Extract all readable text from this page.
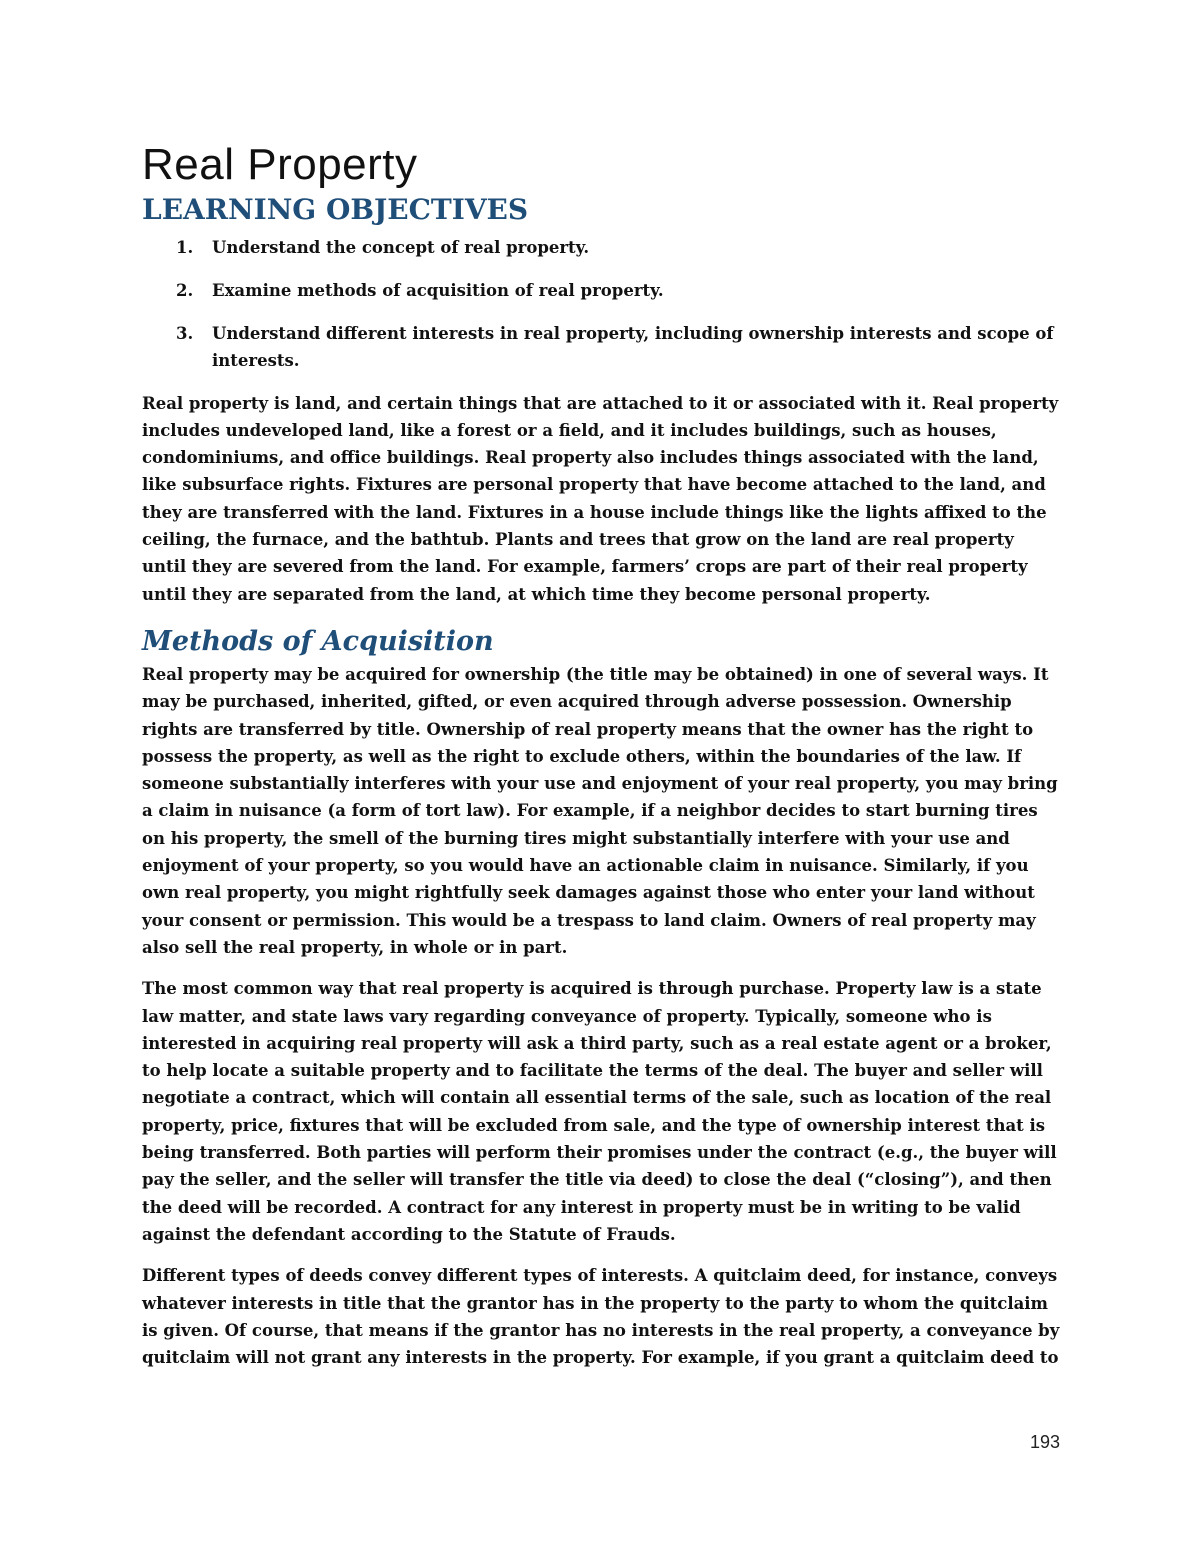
Real Property
LEARNING OBJECTIVES
1. Understand the concept of real property.
2. Examine methods of acquisition of real property.
3. Understand different interests in real property, including ownership interests and scope of interests.

Real property is land, and certain things that are attached to it or associated with it. Real property includes undeveloped land, like a forest or a field, and it includes buildings, such as houses, condominiums, and office buildings. Real property also includes things associated with the land, like subsurface rights. Fixtures are personal property that have become attached to the land, and they are transferred with the land. Fixtures in a house include things like the lights affixed to the ceiling, the furnace, and the bathtub. Plants and trees that grow on the land are real property until they are severed from the land. For example, farmers’ crops are part of their real property until they are separated from the land, at which time they become personal property.

Methods of Acquisition

Real property may be acquired for ownership (the title may be obtained) in one of several ways. It may be purchased, inherited, gifted, or even acquired through adverse possession. Ownership rights are transferred by title. Ownership of real property means that the owner has the right to possess the property, as well as the right to exclude others, within the boundaries of the law. If someone substantially interferes with your use and enjoyment of your real property, you may bring a claim in nuisance (a form of tort law). For example, if a neighbor decides to start burning tires on his property, the smell of the burning tires might substantially interfere with your use and enjoyment of your property, so you would have an actionable claim in nuisance. Similarly, if you own real property, you might rightfully seek damages against those who enter your land without your consent or permission. This would be a trespass to land claim. Owners of real property may also sell the real property, in whole or in part.

The most common way that real property is acquired is through purchase. Property law is a state law matter, and state laws vary regarding conveyance of property. Typically, someone who is interested in acquiring real property will ask a third party, such as a real estate agent or a broker, to help locate a suitable property and to facilitate the terms of the deal. The buyer and seller will negotiate a contract, which will contain all essential terms of the sale, such as location of the real property, price, fixtures that will be excluded from sale, and the type of ownership interest that is being transferred. Both parties will perform their promises under the contract (e.g., the buyer will pay the seller, and the seller will transfer the title via deed) to close the deal (“closing”), and then the deed will be recorded. A contract for any interest in property must be in writing to be valid against the defendant according to the Statute of Frauds.

Different types of deeds convey different types of interests. A quitclaim deed, for instance, conveys whatever interests in title that the grantor has in the property to the party to whom the quitclaim is given. Of course, that means if the grantor has no interests in the real property, a conveyance by quitclaim will not grant any interests in the property. For example, if you grant a quitclaim deed to

193
